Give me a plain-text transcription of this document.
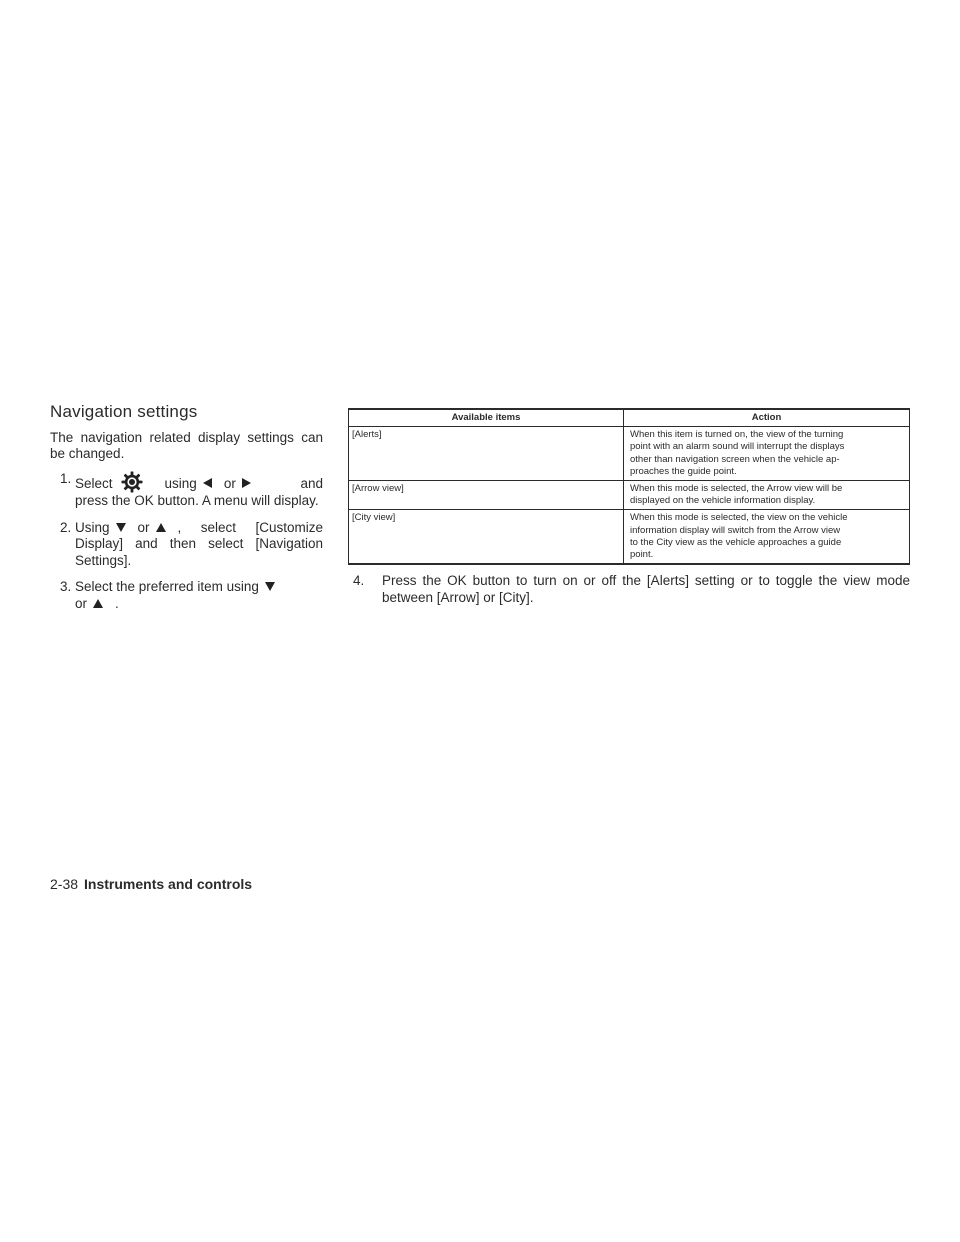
Navigation settings

The navigation related display settings can be changed.

1. Select	using or	and press the OK button. A menu will display.
2. Using or , select [Customize Display] and then select [Navigation Settings].
3. Select the preferred item using

or .
Available items	Action
[Alerts]	When this item is turned on, the view of the turning
point with an alarm sound will interrupt the displays
other than navigation screen when the vehicle ap-
proaches the guide point.

[Arrow view]	When this mode is selected, the Arrow view will be
displayed on the vehicle information display.

[City view]	When this mode is selected, the view on the vehicle
information display will switch from the Arrow view
to the City view as the vehicle approaches a guide
point.
4. Press the OK button to turn on or off the [Alerts] setting or to toggle the view mode between [Arrow] or [City].
2-38 Instruments and controls
